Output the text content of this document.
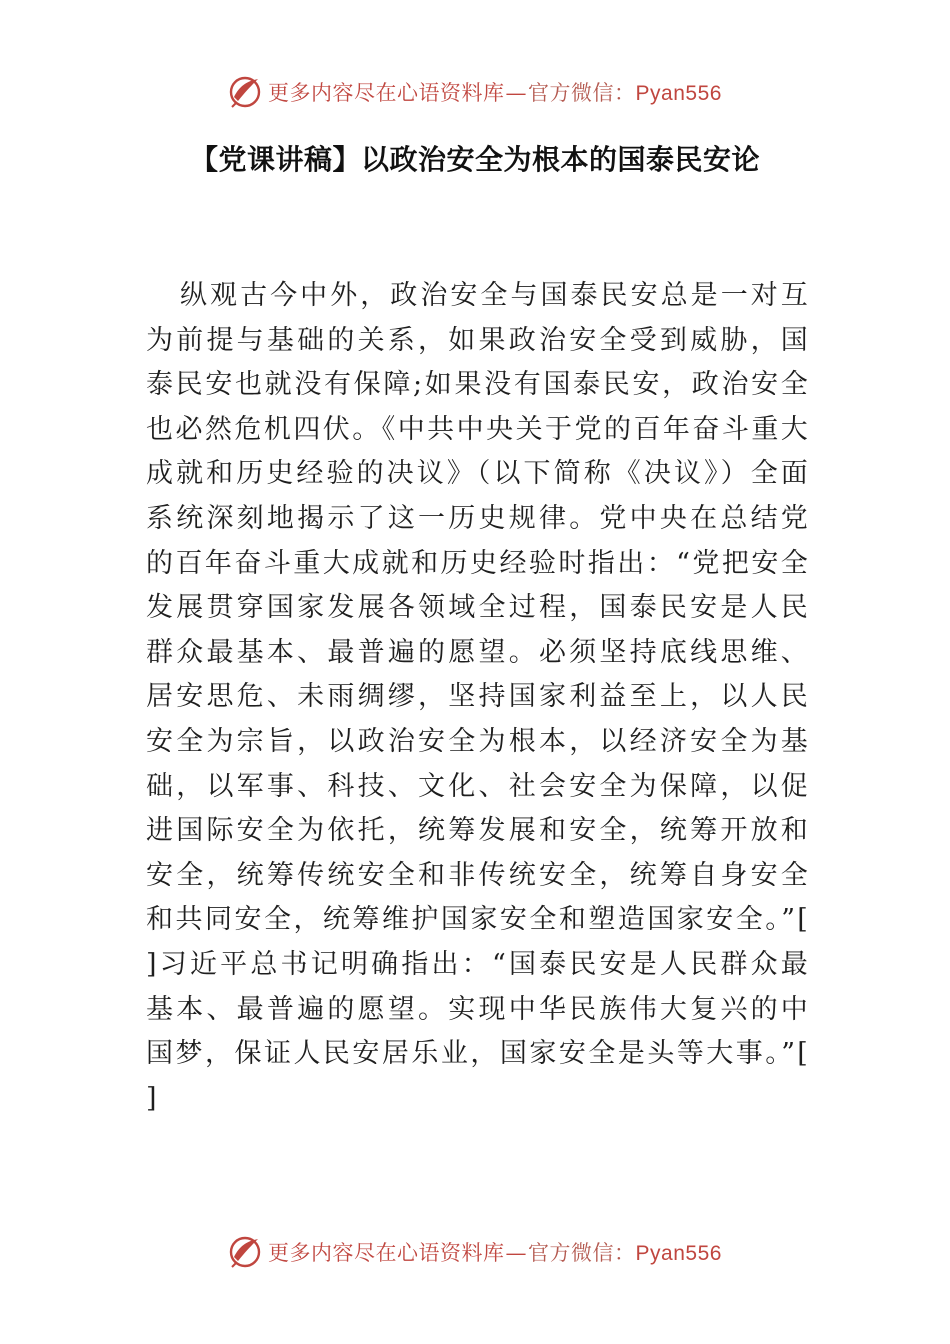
更多内容尽在心语资料库—官方微信：Pyan556
【党课讲稿】以政治安全为根本的国泰民安论
纵观古今中外，政治安全与国泰民安总是一对互为前提与基础的关系，如果政治安全受到威胁，国泰民安也就没有保障;如果没有国泰民安，政治安全也必然危机四伏。《中共中央关于党的百年奋斗重大成就和历史经验的决议》（以下简称《决议》）全面系统深刻地揭示了这一历史规律。党中央在总结党的百年奋斗重大成就和历史经验时指出：“党把安全发展贯穿国家发展各领域全过程，国泰民安是人民群众最基本、最普遍的愿望。必须坚持底线思维、居安思危、未雨绸缪，坚持国家利益至上，以人民安全为宗旨，以政治安全为根本，以经济安全为基础，以军事、科技、文化、社会安全为保障，以促进国际安全为依托，统筹发展和安全，统筹开放和安全，统筹传统安全和非传统安全，统筹自身安全和共同安全，统筹维护国家安全和塑造国家安全。”[ ]习近平总书记明确指出：“国泰民安是人民群众最基本、最普遍的愿望。实现中华民族伟大复兴的中国梦，保证人民安居乐业，国家安全是头等大事。”[ ]
更多内容尽在心语资料库—官方微信：Pyan556
